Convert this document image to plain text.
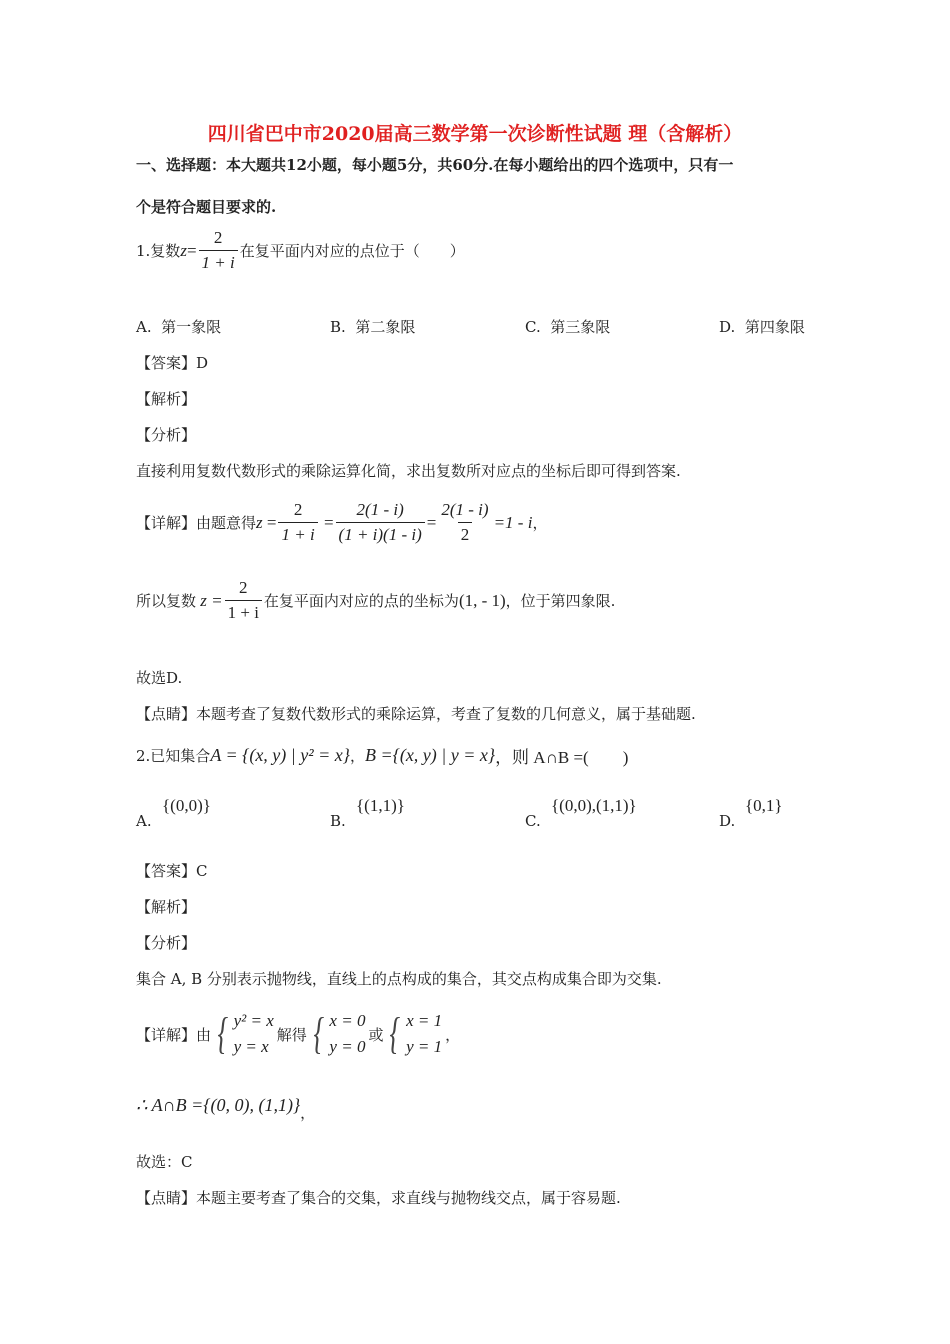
四川省巴中市2020届高三数学第一次诊断性试题 理（含解析）
一、选择题：本大题共12小题，每小题5分，共60分.在每小题给出的四个选项中，只有一
个是符合题目要求的.
1.复数 $z = \frac{2}{1 + i}$ 在复平面内对应的点位于（　　）
A. 第一象限	B. 第二象限	C. 第三象限	D. 第四象限
【答案】D
【解析】
【分析】
直接利用复数代数形式的乘除运算化简，求出复数所对应点的坐标后即可得到答案.
【详解】由题意得 $z = \frac{2}{1 + i} = \frac{2(1 - i)}{(1 + i)(1 - i)} = \frac{2(1 - i)}{2} =1 - i$ ，
所以复数 $z = \frac{2}{1 + i}$ 在复平面内对应的点的坐标为 (1, - 1) ，位于第四象限.
故选D.
【点睛】本题考查了复数代数形式的乘除运算，考查了复数的几何意义，属于基础题.
2.已知集合 A = {(x, y) | y² = x} ， B ={(x, y) | y = x} ，则 A∩B =(　　)
A.
{(0,0)}
B.
{(1,1)}
C.
{(0,0),(1,1)}
D.
{0,1}
【答案】C
【解析】
【分析】
集合 A, B 分别表示抛物线，直线上的点构成的集合，其交点构成集合即为交集.
【详解】由 { y² = x
y = x
解得 { x = 0
y = 0
或 { x = 1
y = 1
，
∴ A∩B ={(0, 0), (1,1)} ，
故选：C
【点睛】本题主要考查了集合的交集，求直线与抛物线交点，属于容易题.
